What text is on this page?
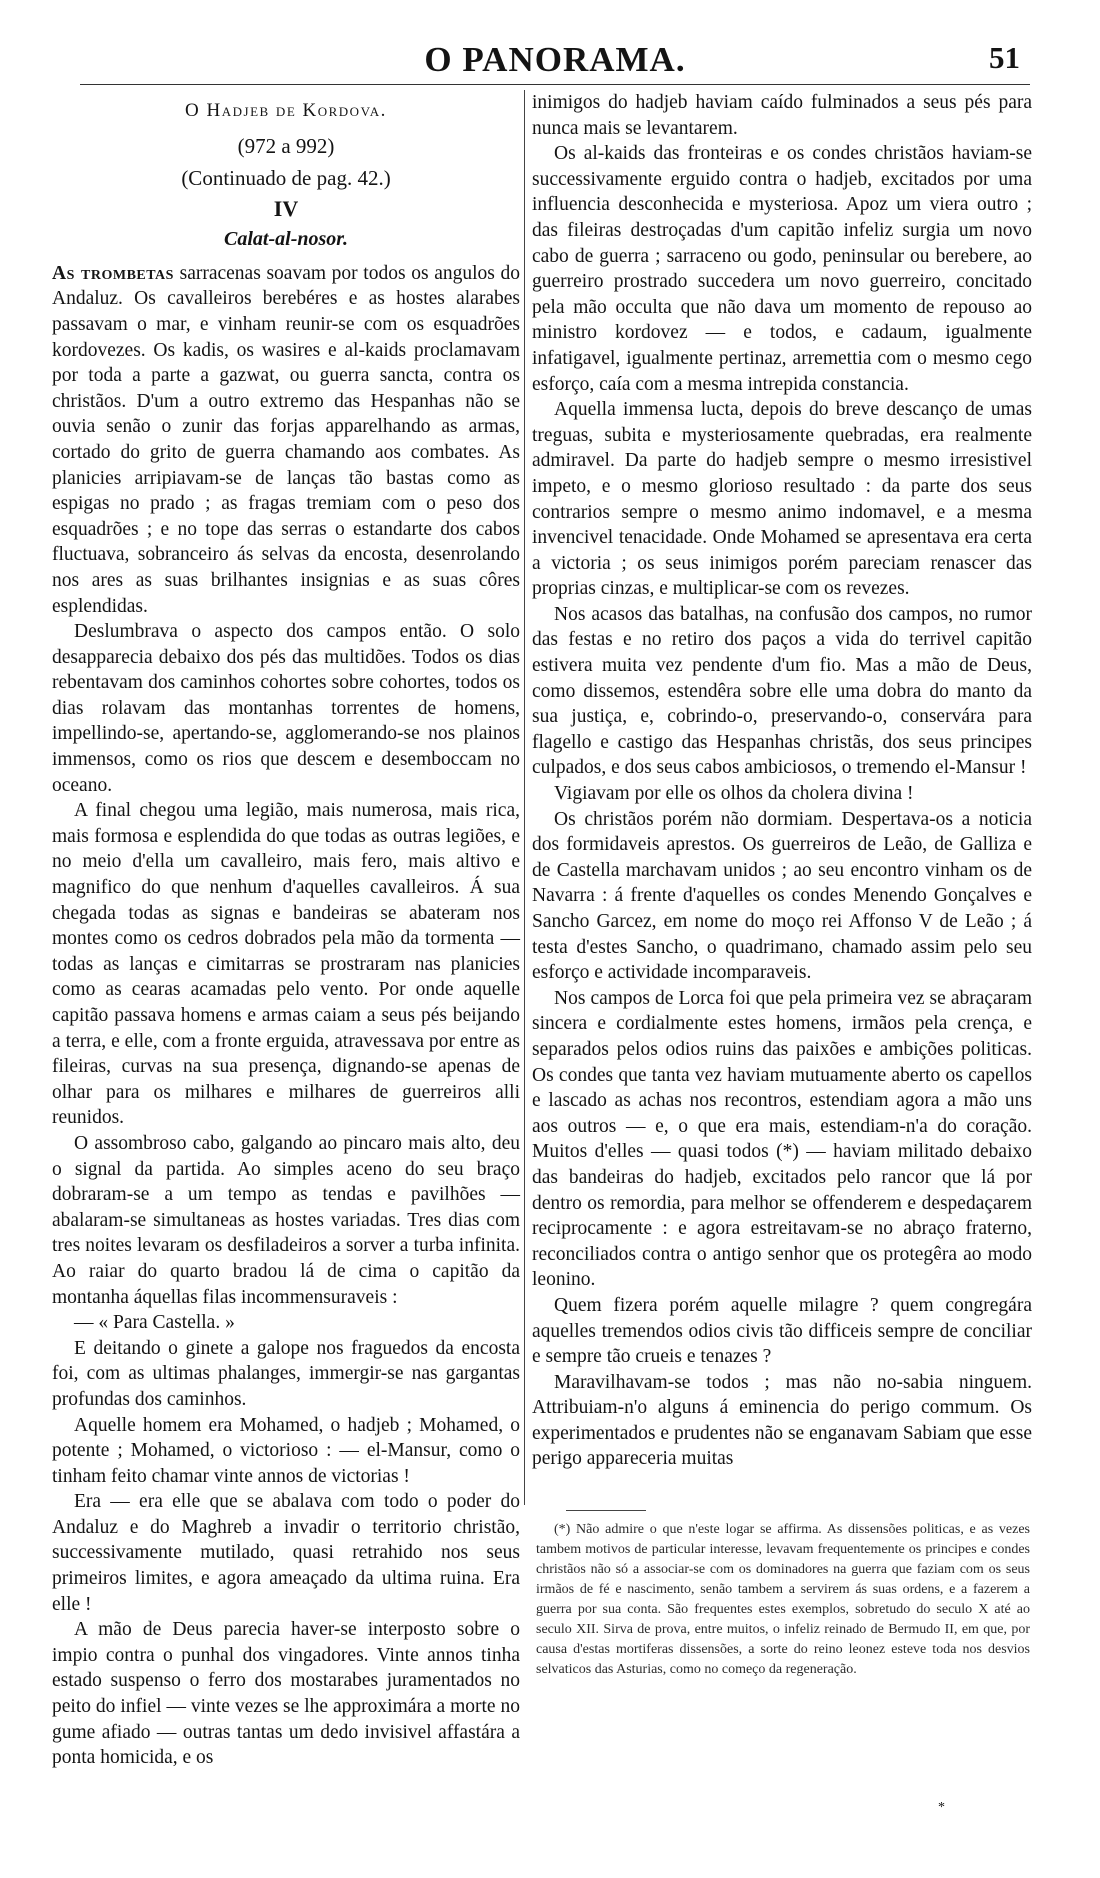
O PANORAMA.	51

O Hadjeb de Kordova.

(972 a 992)

(Continuado de pag. 42.)

IV

Calat-al-nosor.

As trombetas sarracenas soavam por todos os angulos do Andaluz. Os cavalleiros berebéres e as hostes alarabes passavam o mar, e vinham reunir-se com os esquadrões kordovezes. Os kadis, os wasires e al-kaids proclamavam por toda a parte a gazwat, ou guerra sancta, contra os christãos. D'um a outro extremo das Hespanhas não se ouvia senão o zunir das forjas apparelhando as armas, cortado do grito de guerra chamando aos combates. As planicies arripiavam-se de lanças tão bastas como as espigas no prado ; as fragas tremiam com o peso dos esquadrões ; e no tope das serras o estandarte dos cabos fluctuava, sobranceiro ás selvas da encosta, desenrolando nos ares as suas brilhantes insignias e as suas côres esplendidas.

Deslumbrava o aspecto dos campos então. O solo desapparecia debaixo dos pés das multidões. Todos os dias rebentavam dos caminhos cohortes sobre cohortes, todos os dias rolavam das montanhas torrentes de homens, impellindo-se, apertando-se, agglomerando-se nos plainos immensos, como os rios que descem e desemboccam no oceano.

A final chegou uma legião, mais numerosa, mais rica, mais formosa e esplendida do que todas as outras legiões, e no meio d'ella um cavalleiro, mais fero, mais altivo e magnifico do que nenhum d'aquelles cavalleiros. Á sua chegada todas as signas e bandeiras se abateram nos montes como os cedros dobrados pela mão da tormenta — todas as lanças e cimitarras se prostraram nas planicies como as cearas acamadas pelo vento. Por onde aquelle capitão passava homens e armas caiam a seus pés beijando a terra, e elle, com a fronte erguida, atravessava por entre as fileiras, curvas na sua presença, dignando-se apenas de olhar para os milhares e milhares de guerreiros alli reunidos.

O assombroso cabo, galgando ao pincaro mais alto, deu o signal da partida. Ao simples aceno do seu braço dobraram-se a um tempo as tendas e pavilhões — abalaram-se simultaneas as hostes variadas. Tres dias com tres noites levaram os desfiladeiros a sorver a turba infinita. Ao raiar do quarto bradou lá de cima o capitão da montanha áquellas filas incommensuraveis :

— « Para Castella. »

E deitando o ginete a galope nos fraguedos da encosta foi, com as ultimas phalanges, immergir-se nas gargantas profundas dos caminhos.

Aquelle homem era Mohamed, o hadjeb ; Mohamed, o potente ; Mohamed, o victorioso : — el-Mansur, como o tinham feito chamar vinte annos de victorias !

Era — era elle que se abalava com todo o poder do Andaluz e do Maghreb a invadir o territorio christão, successivamente mutilado, quasi retrahido nos seus primeiros limites, e agora ameaçado da ultima ruina. Era elle !

A mão de Deus parecia haver-se interposto sobre o impio contra o punhal dos vingadores. Vinte annos tinha estado suspenso o ferro dos mostarabes juramentados no peito do infiel — vinte vezes se lhe approximára a morte no gume afiado — outras tantas um dedo invisivel affastára a ponta homicida, e os

inimigos do hadjeb haviam caído fulminados a seus pés para nunca mais se levantarem.

Os al-kaids das fronteiras e os condes christãos haviam-se successivamente erguido contra o hadjeb, excitados por uma influencia desconhecida e mysteriosa. Apoz um viera outro ; das fileiras destroçadas d'um capitão infeliz surgia um novo cabo de guerra ; sarraceno ou godo, peninsular ou berebere, ao guerreiro prostrado succedera um novo guerreiro, concitado pela mão occulta que não dava um momento de repouso ao ministro kordovez — e todos, e cadaum, igualmente infatigavel, igualmente pertinaz, arremettia com o mesmo cego esforço, caía com a mesma intrepida constancia.

Aquella immensa lucta, depois do breve descanço de umas treguas, subita e mysteriosamente quebradas, era realmente admiravel. Da parte do hadjeb sempre o mesmo irresistivel impeto, e o mesmo glorioso resultado : da parte dos seus contrarios sempre o mesmo animo indomavel, e a mesma invencivel tenacidade. Onde Mohamed se apresentava era certa a victoria ; os seus inimigos porém pareciam renascer das proprias cinzas, e multiplicar-se com os revezes.

Nos acasos das batalhas, na confusão dos campos, no rumor das festas e no retiro dos paços a vida do terrivel capitão estivera muita vez pendente d'um fio. Mas a mão de Deus, como dissemos, estendêra sobre elle uma dobra do manto da sua justiça, e, cobrindo-o, preservando-o, conservára para flagello e castigo das Hespanhas christãs, dos seus principes culpados, e dos seus cabos ambiciosos, o tremendo el-Mansur !

Vigiavam por elle os olhos da cholera divina !

Os christãos porém não dormiam. Despertava-os a noticia dos formidaveis aprestos. Os guerreiros de Leão, de Galliza e de Castella marchavam unidos ; ao seu encontro vinham os de Navarra : á frente d'aquelles os condes Menendo Gonçalves e Sancho Garcez, em nome do moço rei Affonso V de Leão ; á testa d'estes Sancho, o quadrimano, chamado assim pelo seu esforço e actividade incomparaveis.

Nos campos de Lorca foi que pela primeira vez se abraçaram sincera e cordialmente estes homens, irmãos pela crença, e separados pelos odios ruins das paixões e ambições politicas. Os condes que tanta vez haviam mutuamente aberto os capellos e lascado as achas nos recontros, estendiam agora a mão uns aos outros — e, o que era mais, estendiam-n'a do coração. Muitos d'elles — quasi todos (*) — haviam militado debaixo das bandeiras do hadjeb, excitados pelo rancor que lá por dentro os remordia, para melhor se offenderem e despedaçarem reciprocamente : e agora estreitavam-se no abraço fraterno, reconciliados contra o antigo senhor que os protegêra ao modo leonino.

Quem fizera porém aquelle milagre ? quem congregára aquelles tremendos odios civis tão difficeis sempre de conciliar e sempre tão crueis e tenazes ?

Maravilhavam-se todos ; mas não no-sabia ninguem. Attribuiam-n'o alguns á eminencia do perigo commum. Os experimentados e prudentes não se enganavam Sabiam que esse perigo appareceria muitas

(*) Não admire o que n'este logar se affirma. As dissensões politicas, e as vezes tambem motivos de particular interesse, levavam frequentemente os principes e condes christãos não só a associar-se com os dominadores na guerra que faziam com os seus irmãos de fé e nascimento, senão tambem a servirem ás suas ordens, e a fazerem a guerra por sua conta. São frequentes estes exemplos, sobretudo do seculo X até ao seculo XII. Sirva de prova, entre muitos, o infeliz reinado de Bermudo II, em que, por causa d'estas mortiferas dissensões, a sorte do reino leonez esteve toda nos desvios selvaticos das Asturias, como no começo da regeneração.
*
